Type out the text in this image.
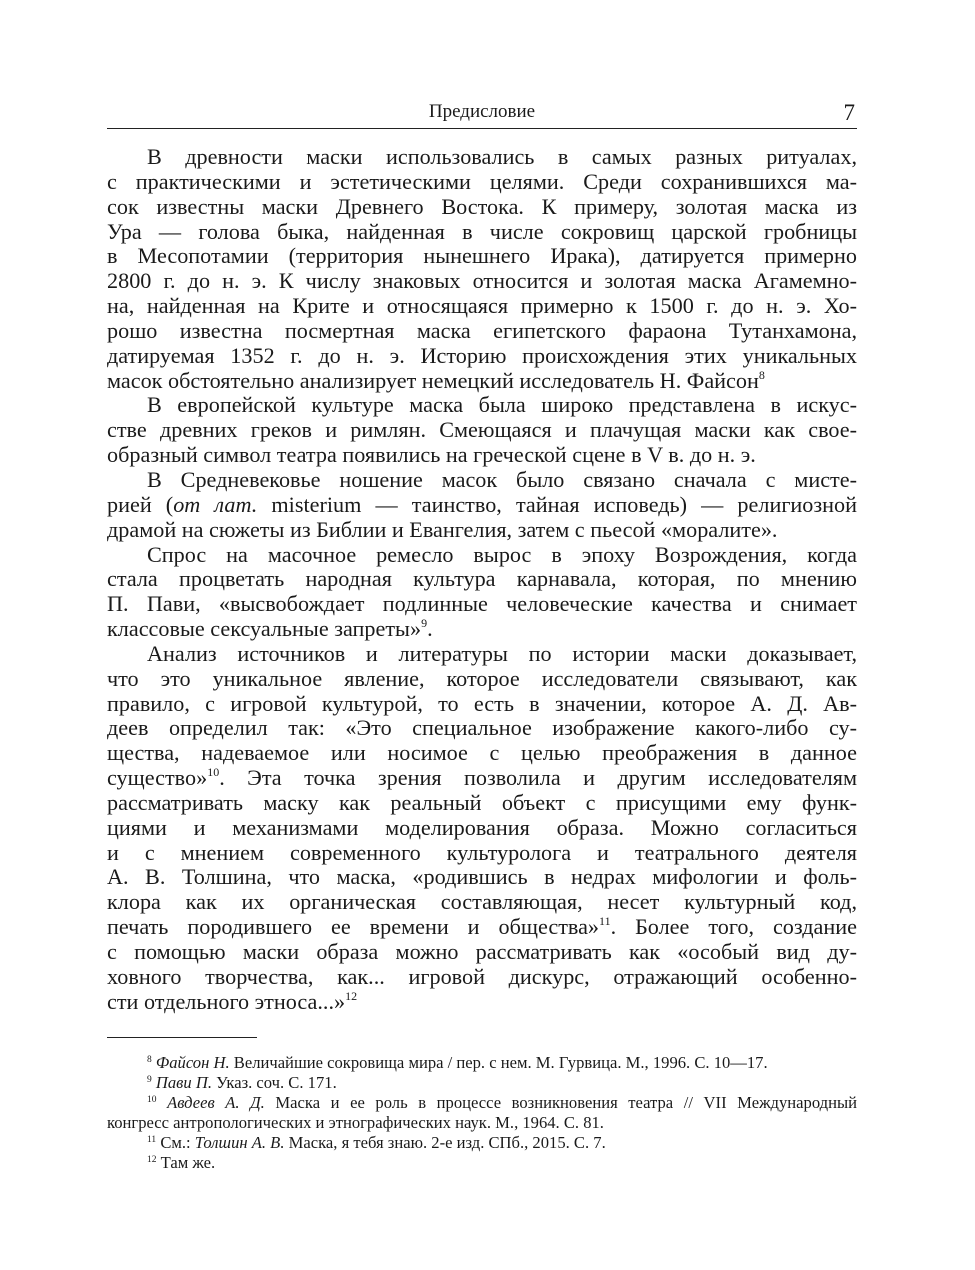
Предисловие	7
В древности маски использовались в самых разных ритуалах,
с практическими и эстетическими целями. Среди сохранившихся ма-
сок известны маски Древнего Востока. К примеру, золотая маска из
Ура — голова быка, найденная в числе сокровищ царской гробницы
в Месопотамии (территория нынешнего Ирака), датируется примерно
2800 г. до н. э. К числу знаковых относится и золотая маска Агамемно-
на, найденная на Крите и относящаяся примерно к 1500 г. до н. э. Хо-
рошо известна посмертная маска египетского фараона Тутанхамона,
датируемая 1352 г. до н. э. Историю происхождения этих уникальных
масок обстоятельно анализирует немецкий исследователь Н. Файсон$^8$
В европейской культуре маска была широко представлена в искус-
стве древних греков и римлян. Смеющаяся и плачущая маски как свое-
образный символ театра появились на греческой сцене в V в. до н. э.
В Средневековье ношение масок было связано сначала с мисте-
рией (от лат. misterium — таинство, тайная исповедь) — религиозной
драмой на сюжеты из Библии и Евангелия, затем с пьесой «моралите».
Спрос на масочное ремесло вырос в эпоху Возрождения, когда
стала процветать народная культура карнавала, которая, по мнению
П. Пави, «высвобождает подлинные человеческие качества и снимает
классовые сексуальные запреты»$^9$.
Анализ источников и литературы по истории маски доказывает,
что это уникальное явление, которое исследователи связывают, как
правило, с игровой культурой, то есть в значении, которое А. Д. Ав-
деев определил так: «Это специальное изображение какого-либо су-
щества, надеваемое или носимое с целью преображения в данное
существо»$^{10}$. Эта точка зрения позволила и другим исследователям
рассматривать маску как реальный объект с присущими ему функ-
циями и механизмами моделирования образа. Можно согласиться
и с мнением современного культуролога и театрального деятеля
А. В. Толшина, что маска, «родившись в недрах мифологии и фоль-
клора как их органическая составляющая, несет культурный код,
печать породившего ее времени и общества»$^{11}$. Более того, создание
с помощью маски образа можно рассматривать как «особый вид ду-
ховного творчества, как... игровой дискурс, отражающий особенно-
сти отдельного этноса...»$^{12}$
$^8$ Файсон Н. Величайшие сокровища мира / пер. с нем. М. Гурвица. М., 1996. С. 10—17.
$^9$ Пави П. Указ. соч. С. 171.
$^{10}$ Авдеев А. Д. Маска и ее роль в процессе возникновения театра // VII Международный
конгресс антропологических и этнографических наук. М., 1964. С. 81.
$^{11}$ См.: Толшин А. В. Маска, я тебя знаю. 2-е изд. СПб., 2015. С. 7.
$^{12}$ Там же.
